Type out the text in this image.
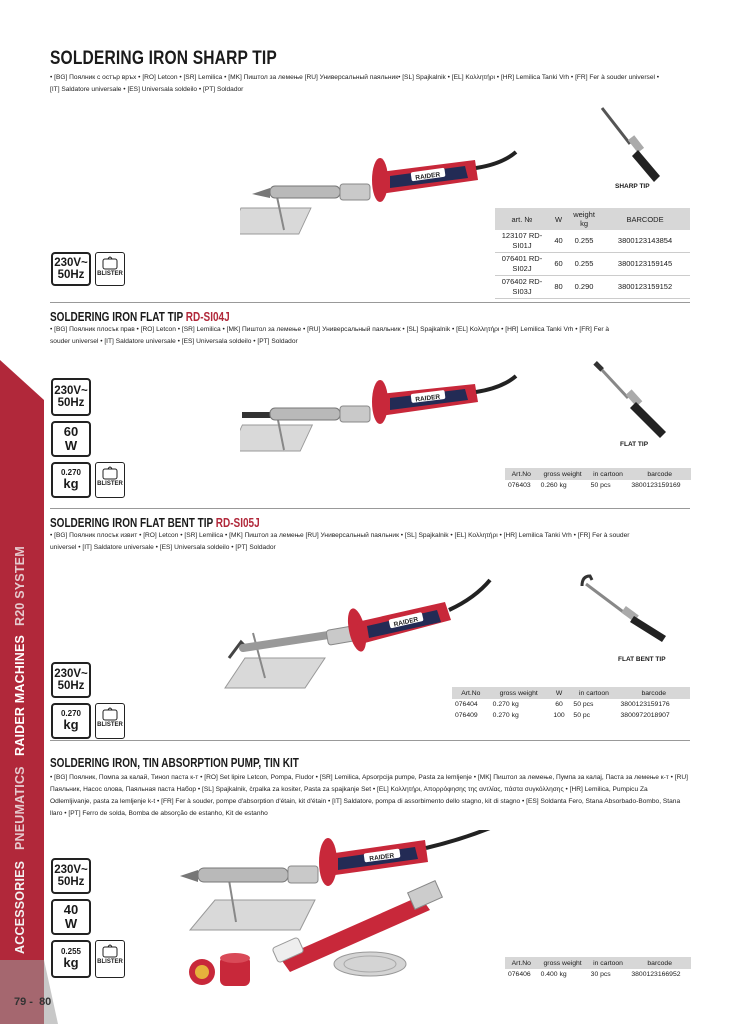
ACCESSORIES
PNEUMATICS
RAIDER MACHINES
R20 SYSTEM
79 -  80
SOLDERING IRON SHARP TIP
• [BG] Поялник с остър връх • [RO] Letcon • [SR] Lemilica • [MK] Пиштол за лемење [RU] Универсальный паяльник• [SL] Spajkalnik • [EL] Κολλητήρι • [HR] Lemilica Tanki Vrh • [FR] Fer à souder universel • [IT] Saldatore universale • [ES] Universala soldeilo • [PT] Soldador
RAIDER
SHARP TIP
230V~
50Hz	BLISTER
art. №	W	weight kg	BARCODE
123107 RD-SI01J	40	0.255	3800123143854
076401 RD-SI02J	60	0.255	3800123159145
076402 RD-SI03J	80	0.290	3800123159152
SOLDERING IRON FLAT TIP RD-SI04J
• [BG] Поялник плосък прав • [RO] Letcon • [SR] Lemilica • [MK] Пиштол за лемење • [RU] Универсальный паяльник • [SL] Spajkalnik • [EL] Κολλητήρι • [HR] Lemilica Tanki Vrh • [FR] Fer à souder universel • [IT] Saldatore universale • [ES] Universala soldeilo • [PT] Soldador
RAIDER
FLAT TIP
230V~
50Hz
60
W
0.270
kg	BLISTER
Art.No	gross weight	in cartoon	barcode
076403	0.260 kg	50 pcs	3800123159169
SOLDERING IRON FLAT BENT TIP RD-SI05J
• [BG] Поялник плосък извит • [RO] Letcon • [SR] Lemilica • [MK] Пиштол за лемење [RU] Универсальный паяльник • [SL] Spajkalnik • [EL] Κολλητήρι • [HR] Lemilica Tanki Vrh • [FR] Fer à souder universel • [IT] Saldatore universale • [ES] Universala soldeilo • [PT] Soldador
RAIDER
FLAT BENT TIP
230V~
50Hz
0.270
kg	BLISTER
Art.No	gross weight	W	in cartoon	barcode
076404	0.270 kg	60	50 pcs	3800123159176
076409	0.270 kg	100	50 pc	3800972018907
SOLDERING IRON, TIN ABSORPTION PUMP, TIN KIT
• [BG] Поялник, Помпа за калай, Тинол паста к-т • [RO] Set lipire Letcon, Pompa, Fludor • [SR] Lemilica, Apsorpcija pumpe, Pasta za lemljenje • [MK] Пиштол за лемење, Пумпа за калај, Паста за лемење к-т • [RU] Паяльник, Насос олова, Паяльная паста Набор • [SL] Spajkalnik, črpalka za kositer, Pasta za spajkanje Set • [EL] Κολλητήρι, Απορρόφησης της αντλίας, πάστα συγκόλλησης • [HR] Lemilica, Pumpicu Za Odlemljivanje, pasta za lemljenje k-t • [FR] Fer à souder, pompe d'absorption d'étain, kit d'étain • [IT] Saldatore, pompa di assorbimento dello stagno, kit di stagno • [ES] Soldanta Fero, Stana Absorbado-Bombo, Stana llaro • [PT] Ferro de solda, Bomba de absorção de estanho, Kit de estanho
RAIDER
230V~
50Hz
40
W
0.255
kg	BLISTER	Art.No	gross weight	in cartoon	barcode
076406	0.400 kg	30 pcs	3800123166952
